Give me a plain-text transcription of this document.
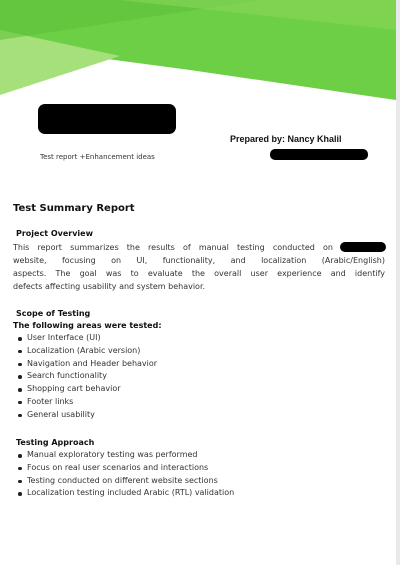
Prepared by: Nancy Khalil
Test report +Enhancement ideas
Test Summary Report
Project Overview
This report summarizes the results of manual testing conducted on
website, focusing on UI, functionality, and localization (Arabic/English)
aspects. The goal was to evaluate the overall user experience and identify
defects affecting usability and system behavior.
Scope of Testing
The following areas were tested:
User Interface (UI)
Localization (Arabic version)
Navigation and Header behavior
Search functionality
Shopping cart behavior
Footer links
General usability
Testing Approach
Manual exploratory testing was performed
Focus on real user scenarios and interactions
Testing conducted on different website sections
Localization testing included Arabic (RTL) validation
